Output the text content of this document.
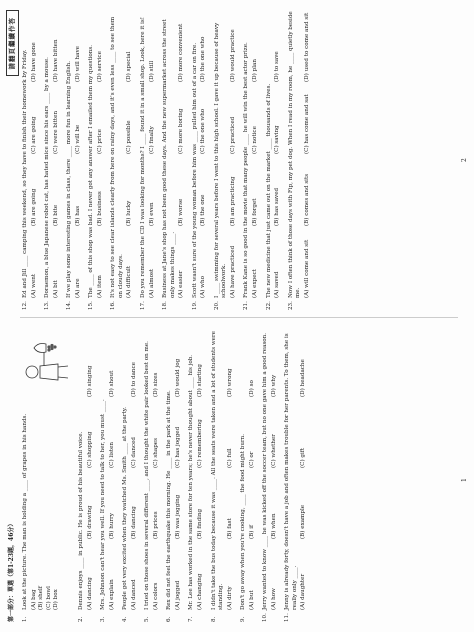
第一部分：單選（第1-23題，46分）
請翻頁繼續作答
1.
Look at the picture. The man is holding a ____ of grapes in his hands. (A) bag (B) shelf (C) bowl (D) box
2.
Dennis enjoys ____ in public. He is proud of his beautiful voice. (A) dancing
(B) drawing
(C) shopping
(D) singing
3.
Mrs. Johnson can't hear you well. If you need to talk to her, you must ____. (A) explain
(B) hurry
(C) listen
(D) shout
4.
People got very excited when they watched Ms. Smith ____ at the party. (A) danced
(B) dancing
(C) danced
(D) to dance
5.
I tried on those shoes in several different ____, and I thought the white pair looked best on me. (A) colors
(B) prices
(C) shapes
(D) sizes
6.
Rex did not feel the earthquake this morning. He ____ in the park at the time. (A) jogged
(B) was jogging
(C) has jogged
(D) would jog
7.
Mr. Lee has worked in the same store for ten years; he's never thought about ____ his job. (A) changing
(B) finding
(C) remembering
(D) starting
8.
I didn't take the bus today because it was ____. All the seats were taken and a lot of students were standing. (A) dirty
(B) fast
(C) full
(D) wrong
9.
Don't go away when you're cooking, ____ the food might burn. (A) but
(B) if
(C) or
(D) so
10.
Jerry wanted to know ____ he was kicked off the soccer team, but no one gave him a good reason. (A) how
(B) when
(C) whether
(D) why
11.
Jenny is already forty, doesn't have a job and often makes trouble for her parents. To them, she is really only ____. (A) daughter
(B) example
(C) gift
(D) headache
12.
Ed and Jill ____ camping this weekend, so they have to finish their homework by Friday. (A) went
(B) are going
(C) are going
(D) have gone
13.
Doraemon, a blue Japanese robot cat, has hated mice since his ears ____ by a mouse. (A) bit
(B) bite
(C) were bitten
(D) have bitten
14.
If we play some interesting games in class, there ____ more fun in learning English. (A) are
(B) has
(C) will be
(D) will have
15.
The ____ of this shop was bad. I never got any answer after I emailed them my questions. (A) item
(B) business
(C) price
(D) service
16.
It's not easy to see clear islands clearly from here on rainy days, and it's even less ____ to see them on cloudy days. (A) difficult
(B) lucky
(C) possible
(D) special
17.
Do you remember the CD I was looking for months? I ____ found it in a small shop. Look, here it is! (A) almost
(B) even
(C) finally
(D) still
18.
Business at Jane's shop has not been good these days. And the new supermarket across the street only makes things ____. (A) easier
(B) worse
(C) more boring
(D) more convenient
19.
Scott wasn't sure of the young woman before him was ____ pulled him out of a car on fire. (A) who
(B) the one
(C) the one who
(D) the one who
20.
I ____ swimming for several years before I went to this high school. I gave it up because of heavy schoolwork. (A) have practiced
(B) am practicing
(C) practiced
(D) would practice
21.
Frank Kane is so good in the movie that many people ____ he will win the best actor prize. (A) expect
(B) forget
(C) notice
(D) plan
22.
The new medicine that just came out on the market ____ thousands of lives. (A) saved
(B) has saved
(C) saving
(D) to save
23.
Now I often think of those days with Fip, my pet dog. When I read in my room, he ____ quietly beside me. (A) will come and sit
(B) comes and sits
(C) has come and sat
(D) used to come and sit
1
2
